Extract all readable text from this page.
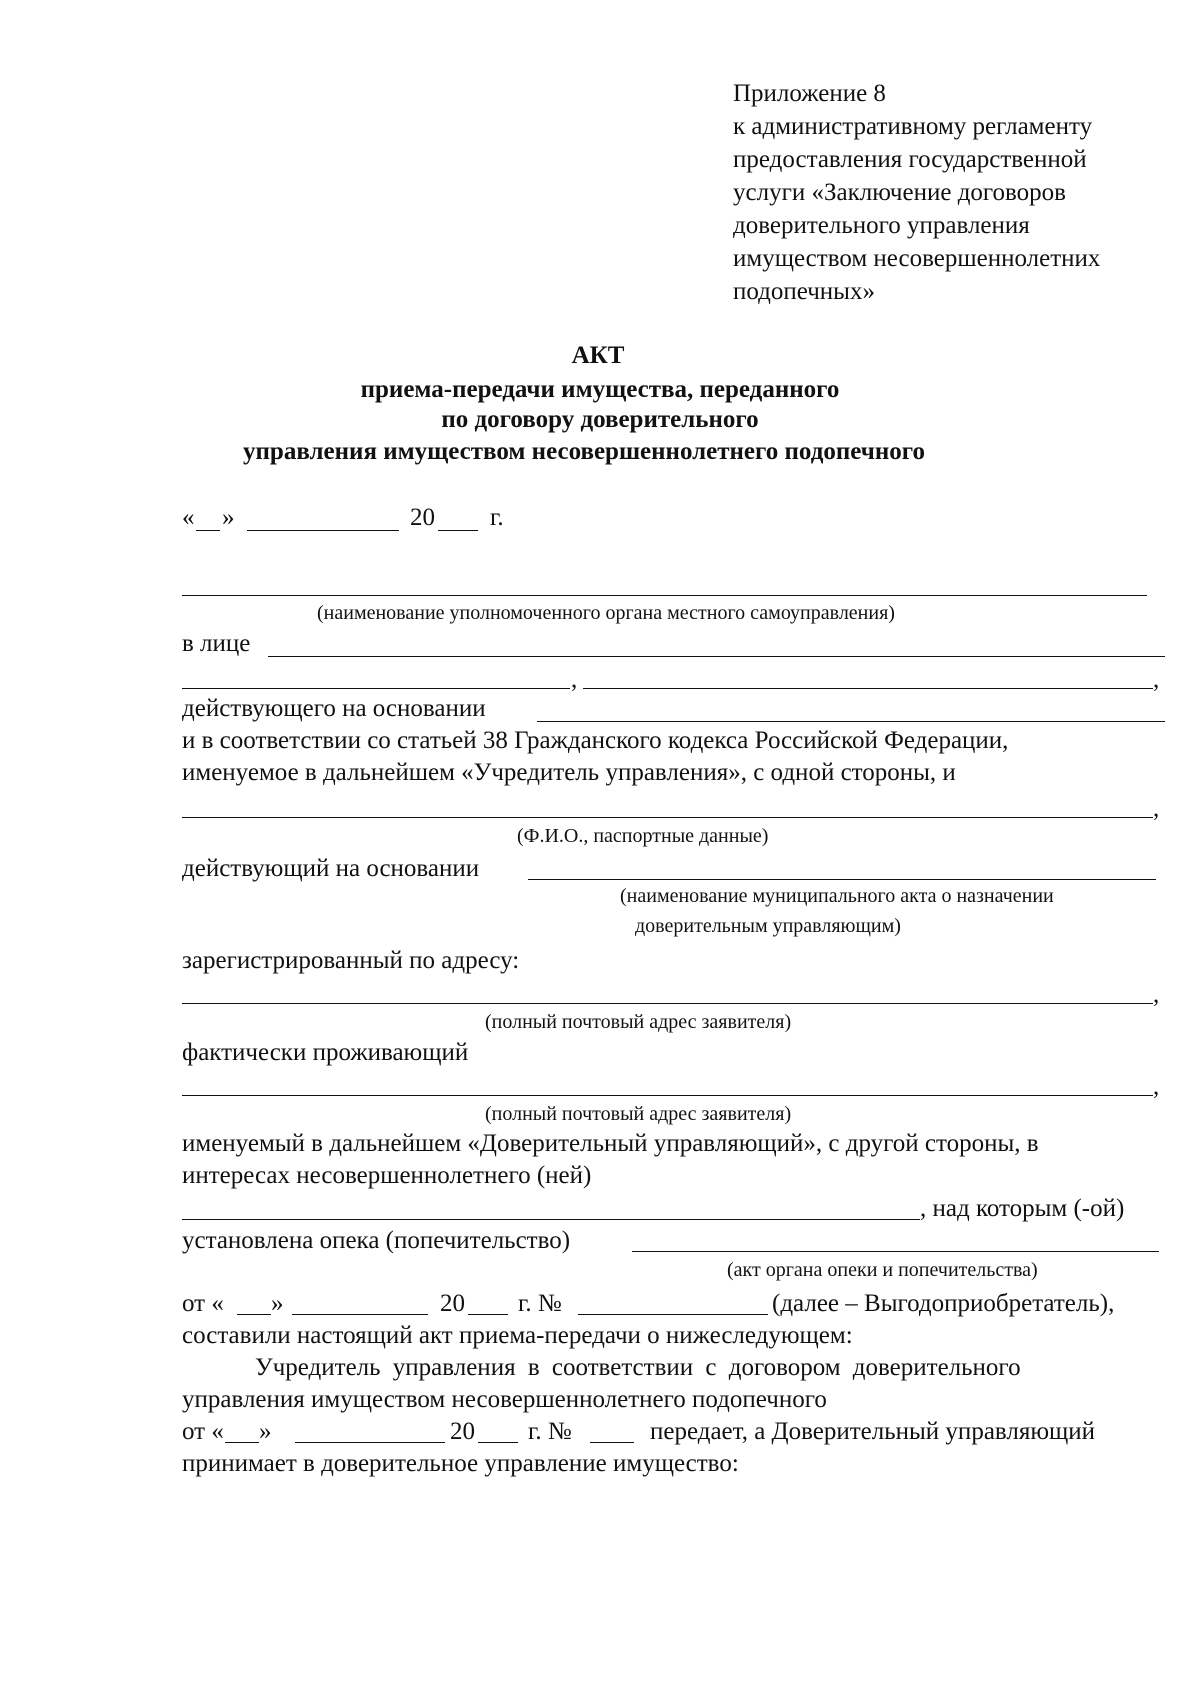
Приложение 8
к административному регламенту
предоставления государственной
услуги «Заключение договоров
доверительного управления
имуществом несовершеннолетних
подопечных»
АКТ
приема-передачи имущества, переданного
по договору доверительного
управления имуществом несовершеннолетнего подопечного
« »	20 г.
(наименование уполномоченного органа местного самоуправления)
в лице
,	,
действующего на основании
и в соответствии со статьей 38 Гражданского кодекса Российской Федерации,
именуемое в дальнейшем «Учредитель управления», с одной стороны, и
,
(Ф.И.О., паспортные данные)
действующий на основании
(наименование муниципального акта о назначении
доверительным управляющим)
зарегистрированный по адресу:
,
(полный почтовый адрес заявителя)
фактически проживающий
,
(полный почтовый адрес заявителя)
именуемый в дальнейшем «Доверительный управляющий», с другой стороны, в
интересах несовершеннолетнего (ней)
, над которым (-ой)
установлена опека (попечительство)
(акт органа опеки и попечительства)
от « »	20 г. №	(далее – Выгодоприобретатель),
составили настоящий акт приема-передачи о нижеследующем:
Учредитель управления в соответствии с договором доверительного
управления имуществом несовершеннолетнего подопечного
от « »	20 г. №	передает, а Доверительный управляющий
принимает в доверительное управление имущество:
